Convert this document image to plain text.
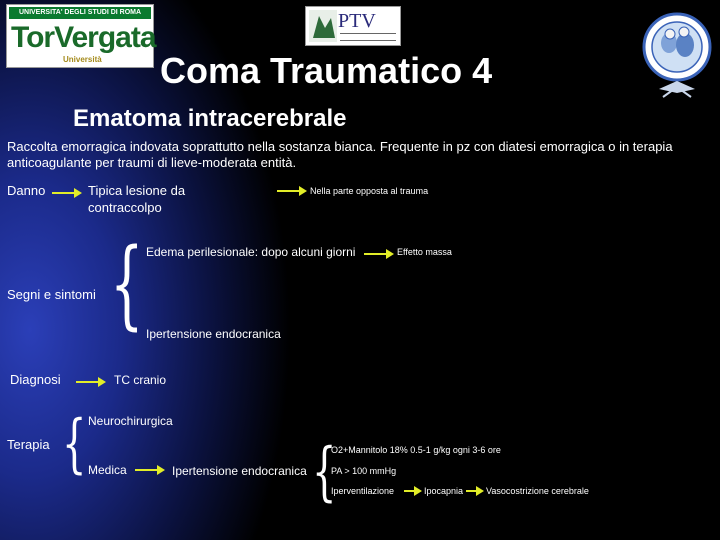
UNIVERSITA' DEGLI STUDI DI ROMA
TorVergata
Università
PTV
Coma Traumatico 4
Ematoma intracerebrale
Raccolta emorragica indovata soprattutto nella sostanza bianca. Frequente in pz con diatesi emorragica o in terapia anticoagulante per traumi di lieve-moderata entità.
Danno	Tipica lesione da
contraccolpo
Nella parte opposta al trauma
{ Edema perilesionale: dopo alcuni giorni	Effetto massa
Segni e sintomi
Ipertensione endocranica
Diagnosi	TC cranio
{ Neurochirurgica
Terapia
Medica	Ipertensione endocranica {
O2+Mannitolo 18% 0.5-1 g/kg ogni 3-6 ore
PA > 100 mmHg
Iperventilazione	Ipocapnia	Vasocostrizione cerebrale
